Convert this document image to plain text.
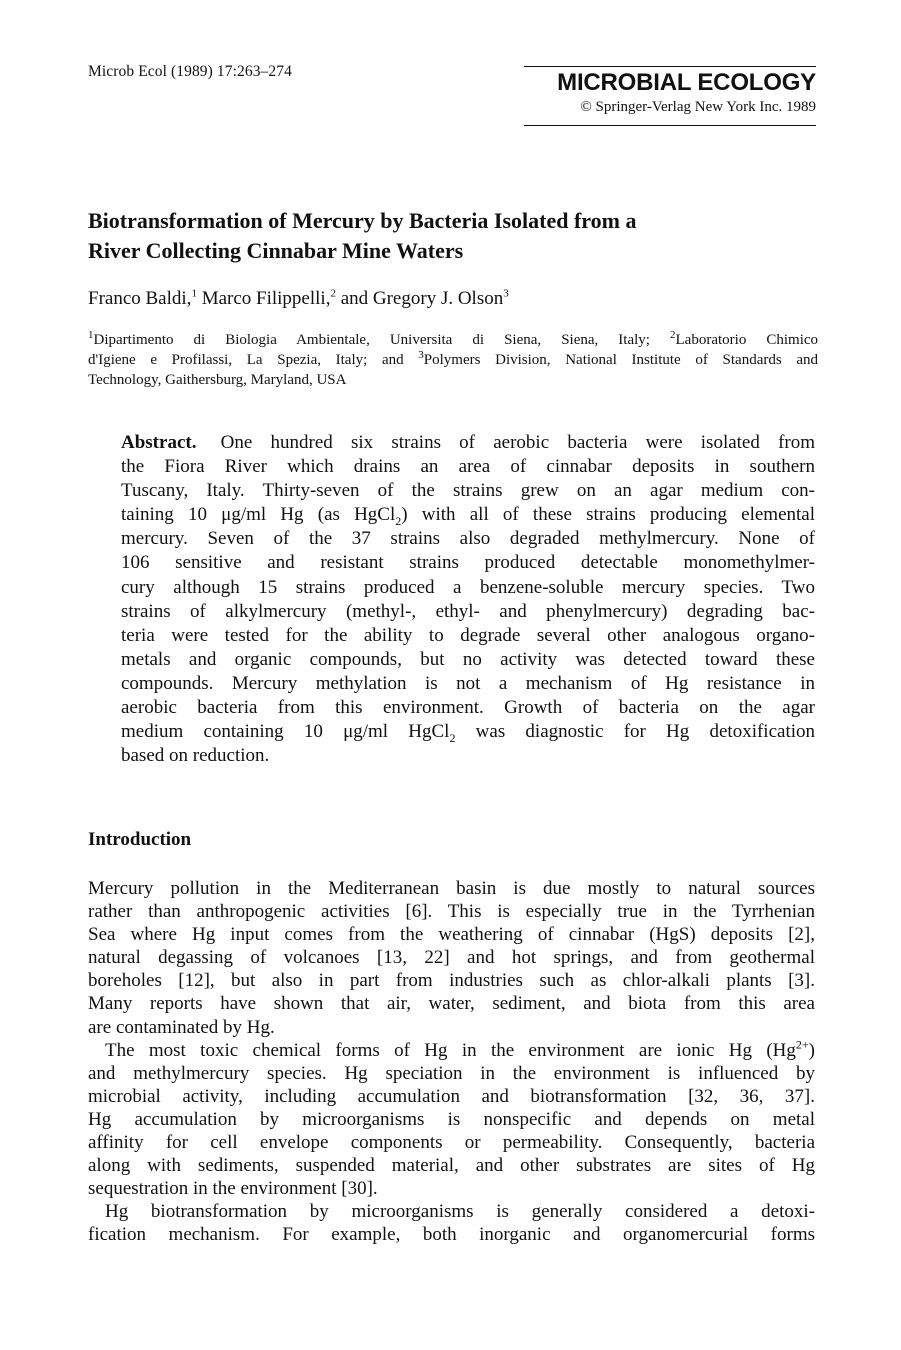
Microb Ecol (1989) 17:263–274	MICROBIAL ECOLOGY
© Springer-Verlag New York Inc. 1989
Biotransformation of Mercury by Bacteria Isolated from a
River Collecting Cinnabar Mine Waters
Franco Baldi,$^1$ Marco Filippelli,$^2$ and Gregory J. Olson$^3$
$^1$Dipartimento di Biologia Ambientale, Universita di Siena, Siena, Italy; $^2$Laboratorio Chimico
d'Igiene e Profilassi, La Spezia, Italy; and $^3$Polymers Division, National Institute of Standards and
Technology, Gaithersburg, Maryland, USA
Abstract. One hundred six strains of aerobic bacteria were isolated from
the Fiora River which drains an area of cinnabar deposits in southern
Tuscany, Italy. Thirty-seven of the strains grew on an agar medium con-
taining 10 μg/ml Hg (as HgCl$_2$) with all of these strains producing elemental
mercury. Seven of the 37 strains also degraded methylmercury. None of
106 sensitive and resistant strains produced detectable monomethylmer-
cury although 15 strains produced a benzene-soluble mercury species. Two
strains of alkylmercury (methyl-, ethyl- and phenylmercury) degrading bac-
teria were tested for the ability to degrade several other analogous organo-
metals and organic compounds, but no activity was detected toward these
compounds. Mercury methylation is not a mechanism of Hg resistance in
aerobic bacteria from this environment. Growth of bacteria on the agar
medium containing 10 μg/ml HgCl$_2$ was diagnostic for Hg detoxification
based on reduction.
Introduction
Mercury pollution in the Mediterranean basin is due mostly to natural sources
rather than anthropogenic activities [6]. This is especially true in the Tyrrhenian
Sea where Hg input comes from the weathering of cinnabar (HgS) deposits [2],
natural degassing of volcanoes [13, 22] and hot springs, and from geothermal
boreholes [12], but also in part from industries such as chlor-alkali plants [3].
Many reports have shown that air, water, sediment, and biota from this area
are contaminated by Hg.
The most toxic chemical forms of Hg in the environment are ionic Hg $(Hg^{2+})$
and methylmercury species. Hg speciation in the environment is influenced by
microbial activity, including accumulation and biotransformation [32, 36, 37].
Hg accumulation by microorganisms is nonspecific and depends on metal
affinity for cell envelope components or permeability. Consequently, bacteria
along with sediments, suspended material, and other substrates are sites of Hg
sequestration in the environment [30].
Hg biotransformation by microorganisms is generally considered a detoxi-
fication mechanism. For example, both inorganic and organomercurial forms
